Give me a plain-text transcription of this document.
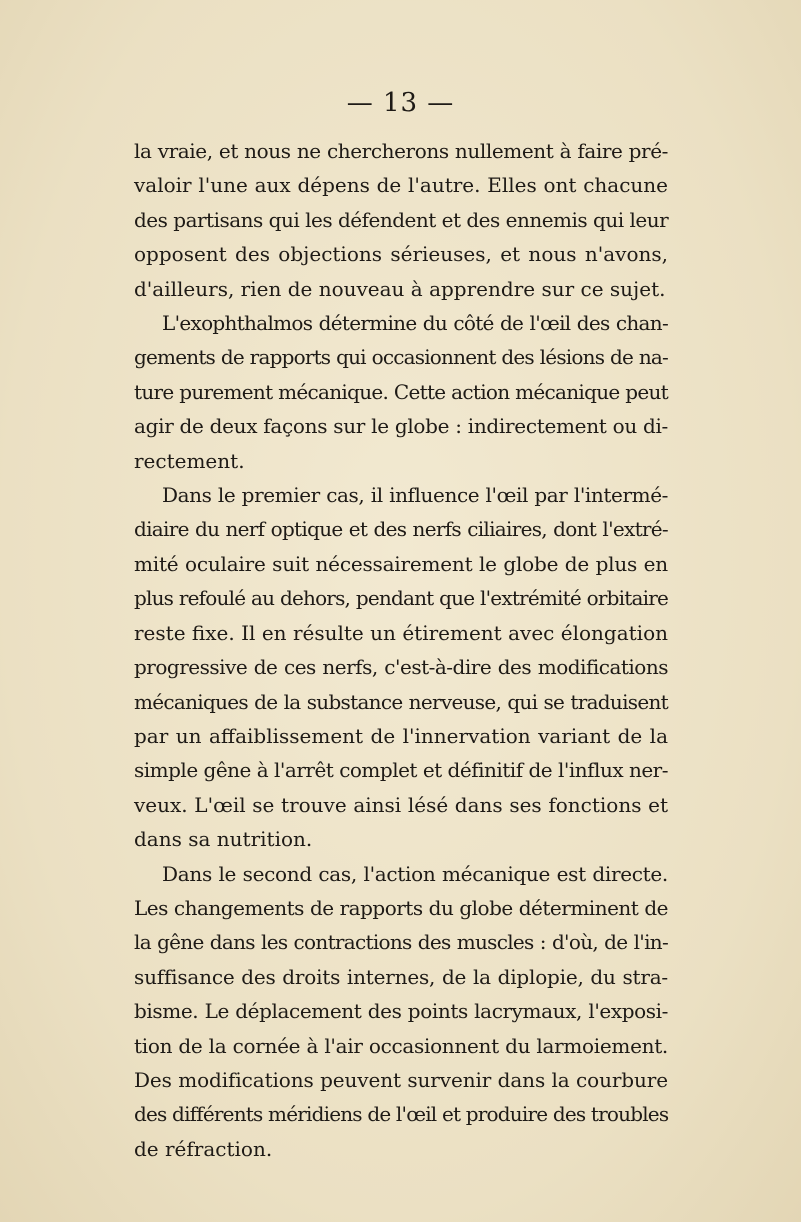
— 13 —
la vraie, et nous ne chercherons nullement à faire pré-
valoir l'une aux dépens de l'autre. Elles ont chacune
des partisans qui les défendent et des ennemis qui leur
opposent des objections sérieuses, et nous n'avons,
d'ailleurs, rien de nouveau à apprendre sur ce sujet.
L'exophthalmos détermine du côté de l'œil des chan-
gements de rapports qui occasionnent des lésions de na-
ture purement mécanique. Cette action mécanique peut
agir de deux façons sur le globe : indirectement ou di-
rectement.
Dans le premier cas, il influence l'œil par l'intermé-
diaire du nerf optique et des nerfs ciliaires, dont l'extré-
mité oculaire suit nécessairement le globe de plus en
plus refoulé au dehors, pendant que l'extrémité orbitaire
reste fixe. Il en résulte un étirement avec élongation
progressive de ces nerfs, c'est-à-dire des modifications
mécaniques de la substance nerveuse, qui se traduisent
par un affaiblissement de l'innervation variant de la
simple gêne à l'arrêt complet et définitif de l'influx ner-
veux. L'œil se trouve ainsi lésé dans ses fonctions et
dans sa nutrition.
Dans le second cas, l'action mécanique est directe.
Les changements de rapports du globe déterminent de
la gêne dans les contractions des muscles : d'où, de l'in-
suffisance des droits internes, de la diplopie, du stra-
bisme. Le déplacement des points lacrymaux, l'exposi-
tion de la cornée à l'air occasionnent du larmoiement.
Des modifications peuvent survenir dans la courbure
des différents méridiens de l'œil et produire des troubles
de réfraction.
